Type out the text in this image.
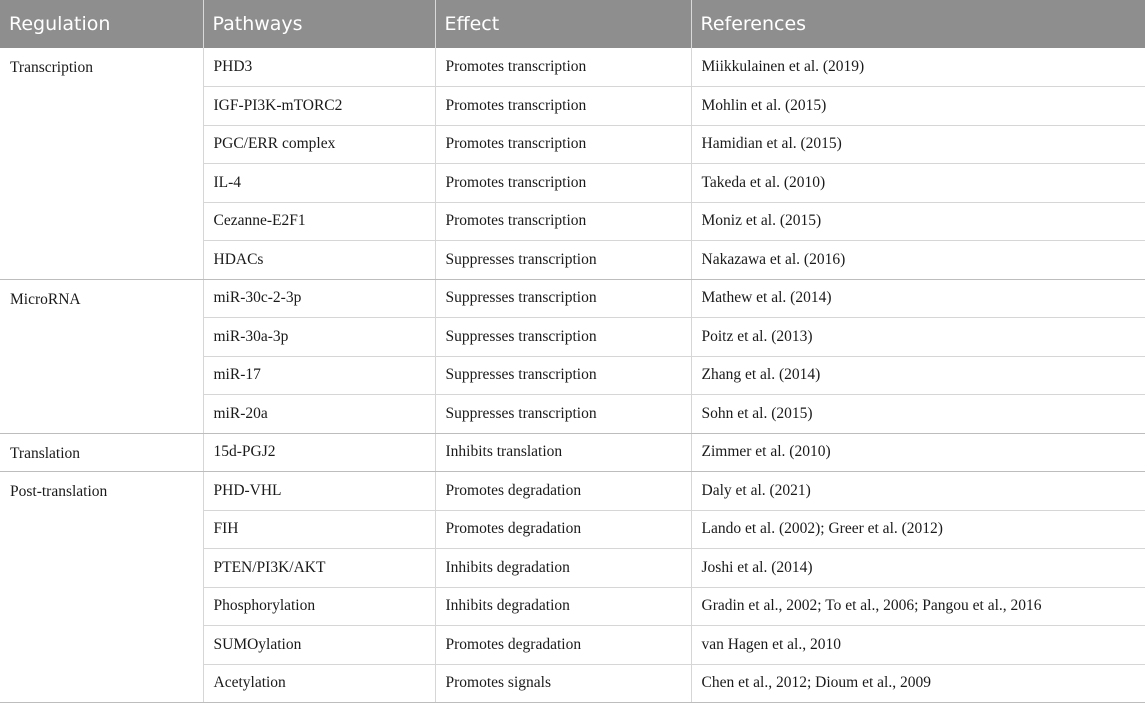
Regulation	Pathways	Effect	References
Transcription	PHD3	Promotes transcription	Miikkulainen et al. (2019)
	IGF-PI3K-mTORC2	Promotes transcription	Mohlin et al. (2015)
	PGC/ERR complex	Promotes transcription	Hamidian et al. (2015)
	IL-4	Promotes transcription	Takeda et al. (2010)
	Cezanne-E2F1	Promotes transcription	Moniz et al. (2015)
	HDACs	Suppresses transcription	Nakazawa et al. (2016)
MicroRNA	miR-30c-2-3p	Suppresses transcription	Mathew et al. (2014)
	miR-30a-3p	Suppresses transcription	Poitz et al. (2013)
	miR-17	Suppresses transcription	Zhang et al. (2014)
	miR-20a	Suppresses transcription	Sohn et al. (2015)
Translation	15d-PGJ2	Inhibits translation	Zimmer et al. (2010)
Post-translation	PHD-VHL	Promotes degradation	Daly et al. (2021)
	FIH	Promotes degradation	Lando et al. (2002); Greer et al. (2012)
	PTEN/PI3K/AKT	Inhibits degradation	Joshi et al. (2014)
	Phosphorylation	Inhibits degradation	Gradin et al., 2002; To et al., 2006; Pangou et al., 2016
	SUMOylation	Promotes degradation	van Hagen et al., 2010
	Acetylation	Promotes signals	Chen et al., 2012; Dioum et al., 2009
